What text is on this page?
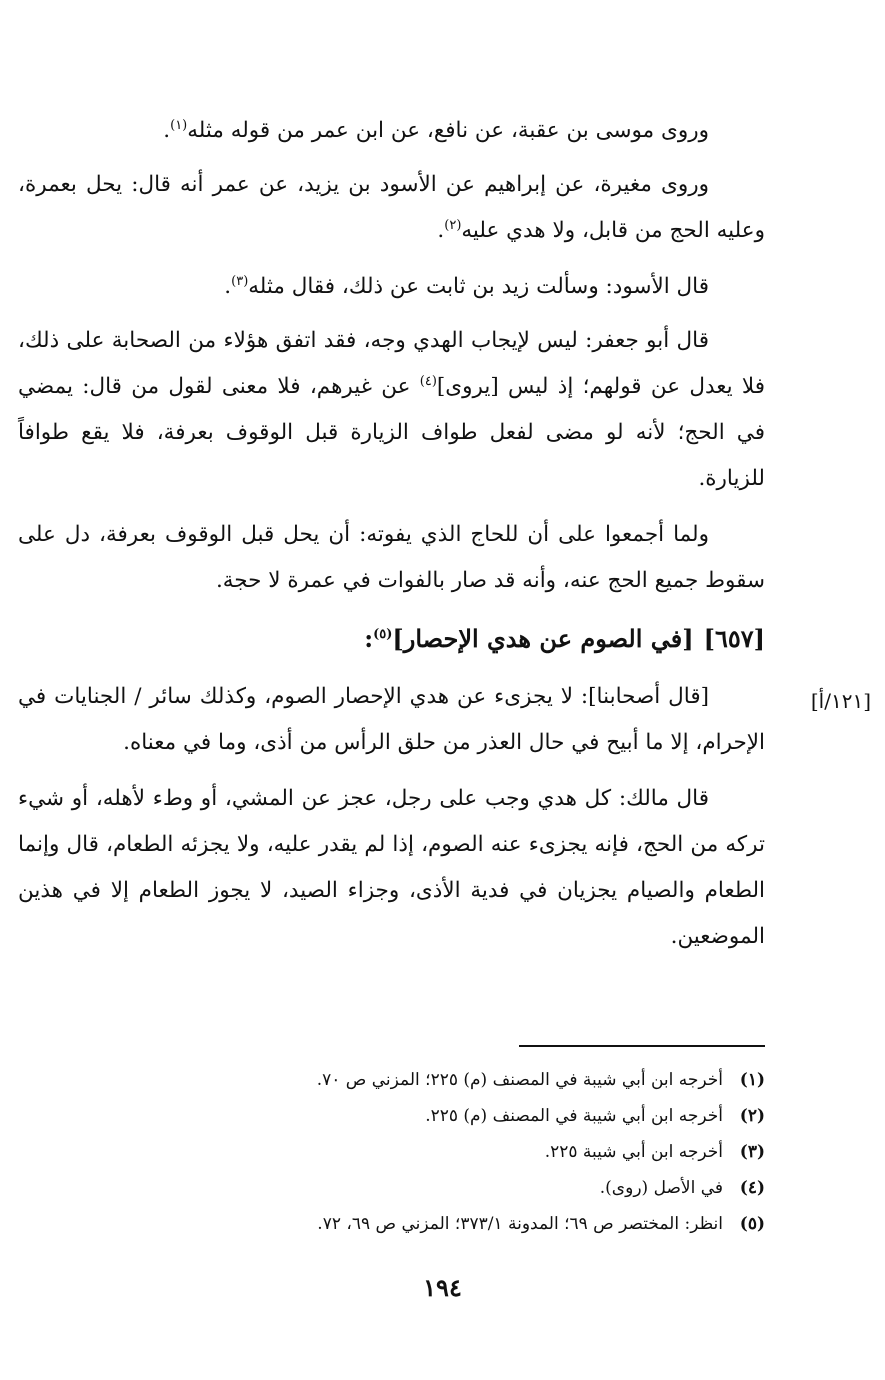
[١٢١/أ]

وروى موسى بن عقبة، عن نافع، عن ابن عمر من قوله مثله$^{(١)}$.

وروى مغيرة، عن إبراهيم عن الأسود بن يزيد، عن عمر أنه قال: يحل بعمرة، وعليه الحج من قابل، ولا هدي عليه$^{(٢)}$.

قال الأسود: وسألت زيد بن ثابت عن ذلك، فقال مثله$^{(٣)}$.

قال أبو جعفر: ليس لإيجاب الهدي وجه، فقد اتفق هؤلاء من الصحابة على ذلك، فلا يعدل عن قولهم؛ إذ ليس [يروى]$^{(٤)}$ عن غيرهم، فلا معنى لقول من قال: يمضي في الحج؛ لأنه لو مضى لفعل طواف الزيارة قبل الوقوف بعرفة، فلا يقع طوافاً للزيارة.

ولما أجمعوا على أن للحاج الذي يفوته: أن يحل قبل الوقوف بعرفة، دل على سقوط جميع الحج عنه، وأنه قد صار بالفوات في عمرة لا حجة.

[٦٥٧][في الصوم عن هدي الإحصار]$^{(٥)}$:

[قال أصحابنا]: لا يجزىء عن هدي الإحصار الصوم، وكذلك سائر / الجنايات في الإحرام، إلا ما أبيح في حال العذر من حلق الرأس من أذى، وما في معناه.

قال مالك: كل هدي وجب على رجل، عجز عن المشي، أو وطء لأهله، أو شيء تركه من الحج، فإنه يجزىء عنه الصوم، إذا لم يقدر عليه، ولا يجزئه الطعام، قال وإنما الطعام والصيام يجزيان في فدية الأذى، وجزاء الصيد، لا يجوز الطعام إلا في هذين الموضعين.

(١)أخرجه ابن أبي شيبة في المصنف (م) ٢٢٥؛ المزني ص ٧٠.
(٢)أخرجه ابن أبي شيبة في المصنف (م) ٢٢٥.
(٣)أخرجه ابن أبي شيبة ٢٢٥.
(٤)في الأصل (روى).
(٥)انظر: المختصر ص ٦٩؛ المدونة ٣٧٣/١؛ المزني ص ٦٩، ٧٢.
١٩٤
